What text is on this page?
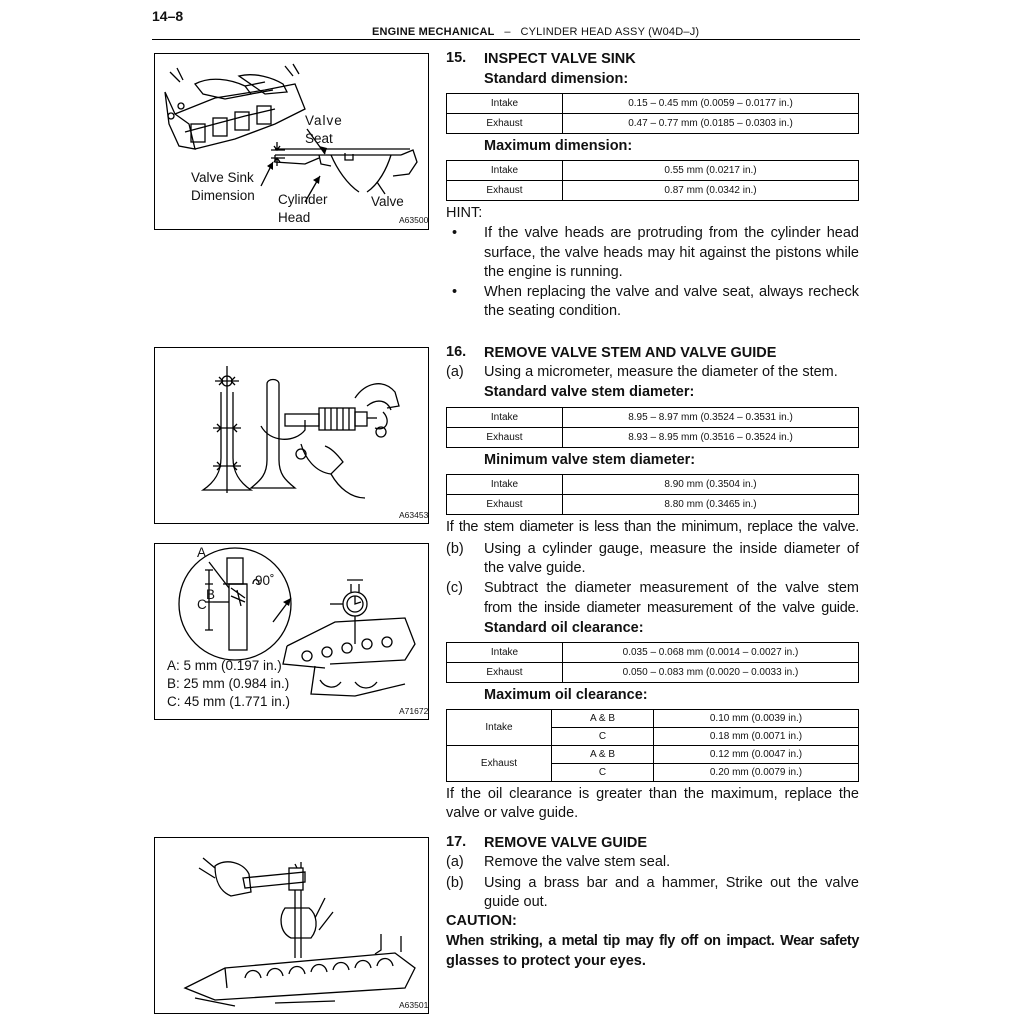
14–8
ENGINE MECHANICAL – CYLINDER HEAD ASSY (W04D–J)
Valve
Seat
Valve Sink
Dimension Cylinder
Head
Valve
A63500
A63453
A
B
C
90˚
A: 5 mm (0.197 in.)
B: 25 mm (0.984 in.)
C: 45 mm (1.771 in.)
A71672
A63501
15. INSPECT VALVE SINK
Standard dimension:
Intake	0.15 – 0.45 mm (0.0059 – 0.0177 in.)
Exhaust	0.47 – 0.77 mm (0.0185 – 0.0303 in.)
Maximum dimension:
Intake	0.55 mm (0.0217 in.)
Exhaust	0.87 mm (0.0342 in.)
HINT:
• If the valve heads are protruding from the cylinder head
surface, the valve heads may hit against the pistons while
the engine is running.
• When replacing the valve and valve seat, always recheck
the seating condition.
16. REMOVE VALVE STEM AND VALVE GUIDE
(a) Using a micrometer, measure the diameter of the stem.
Standard valve stem diameter:
Intake	8.95 – 8.97 mm (0.3524 – 0.3531 in.)
Exhaust	8.93 – 8.95 mm (0.3516 – 0.3524 in.)
Minimum valve stem diameter:
Intake	8.90 mm (0.3504 in.)
Exhaust	8.80 mm (0.3465 in.)
If the stem diameter is less than the minimum, replace the valve.
(b) Using a cylinder gauge, measure the inside diameter of
the valve guide.
(c) Subtract the diameter measurement of the valve stem
from the inside diameter measurement of the valve guide.
Standard oil clearance:
Intake	0.035 – 0.068 mm (0.0014 – 0.0027 in.)
Exhaust	0.050 – 0.083 mm (0.0020 – 0.0033 in.)
Maximum oil clearance:
Intake	A & B	0.10 mm (0.0039 in.)
	C	0.18 mm (0.0071 in.)
Exhaust	A & B	0.12 mm (0.0047 in.)
	C	0.20 mm (0.0079 in.)
If the oil clearance is greater than the maximum, replace the
valve or valve guide.
17. REMOVE VALVE GUIDE
(a) Remove the valve stem seal.
(b) Using a brass bar and a hammer, Strike out the valve
guide out.
CAUTION:
When striking, a metal tip may fly off on impact. Wear safety
glasses to protect your eyes.
